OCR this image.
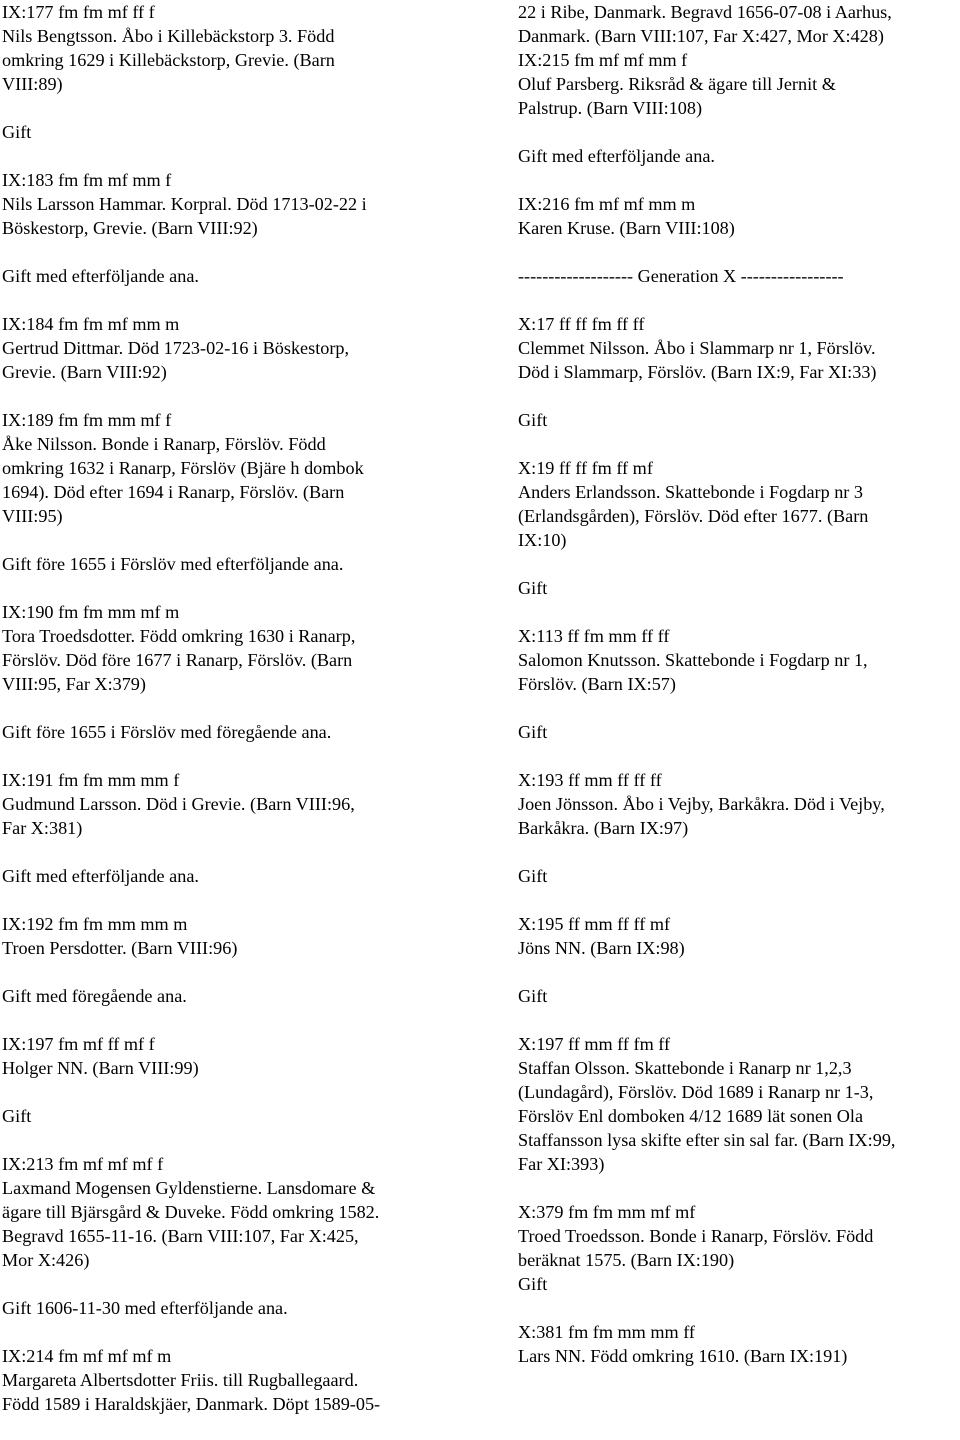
IX:177 fm fm mf ff f
Nils Bengtsson. Åbo i Killebäckstorp 3. Född
omkring 1629 i Killebäckstorp, Grevie. (Barn
VIII:89)
Gift
IX:183 fm fm mf mm f
Nils Larsson Hammar. Korpral. Död 1713-02-22 i
Böskestorp, Grevie. (Barn VIII:92)
Gift med efterföljande ana.
IX:184 fm fm mf mm m
Gertrud Dittmar. Död 1723-02-16 i Böskestorp,
Grevie. (Barn VIII:92)
IX:189 fm fm mm mf f
Åke Nilsson. Bonde i Ranarp, Förslöv. Född
omkring 1632 i Ranarp, Förslöv (Bjäre h dombok
1694). Död efter 1694 i Ranarp, Förslöv. (Barn
VIII:95)
Gift före 1655 i Förslöv med efterföljande ana.
IX:190 fm fm mm mf m
Tora Troedsdotter. Född omkring 1630 i Ranarp,
Förslöv. Död före 1677 i Ranarp, Förslöv. (Barn
VIII:95, Far X:379)
Gift före 1655 i Förslöv med föregående ana.
IX:191 fm fm mm mm f
Gudmund Larsson. Död i Grevie. (Barn VIII:96,
Far X:381)
Gift med efterföljande ana.
IX:192 fm fm mm mm m
Troen Persdotter. (Barn VIII:96)
Gift med föregående ana.
IX:197 fm mf ff mf f
Holger NN. (Barn VIII:99)
Gift
IX:213 fm mf mf mf f
Laxmand Mogensen Gyldenstierne. Lansdomare &
ägare till Bjärsgård & Duveke. Född omkring 1582.
Begravd 1655-11-16. (Barn VIII:107, Far X:425,
Mor X:426)
Gift 1606-11-30 med efterföljande ana.
IX:214 fm mf mf mf m
Margareta Albertsdotter Friis. till Rugballegaard.
Född 1589 i Haraldskjäer, Danmark. Döpt 1589-05-
22 i Ribe, Danmark. Begravd 1656-07-08 i Aarhus,
Danmark. (Barn VIII:107, Far X:427, Mor X:428)
IX:215 fm mf mf mm f
Oluf Parsberg. Riksråd & ägare till Jernit &
Palstrup. (Barn VIII:108)
Gift med efterföljande ana.
IX:216 fm mf mf mm m
Karen Kruse. (Barn VIII:108)
------------------- Generation X -----------------
X:17 ff ff fm ff ff
Clemmet Nilsson. Åbo i Slammarp nr 1, Förslöv.
Död i Slammarp, Förslöv. (Barn IX:9, Far XI:33)
Gift
X:19 ff ff fm ff mf
Anders Erlandsson. Skattebonde i Fogdarp nr 3
(Erlandsgården), Förslöv. Död efter 1677. (Barn
IX:10)
Gift
X:113 ff fm mm ff ff
Salomon Knutsson. Skattebonde i Fogdarp nr 1,
Förslöv. (Barn IX:57)
Gift
X:193 ff mm ff ff ff
Joen Jönsson. Åbo i Vejby, Barkåkra. Död i Vejby,
Barkåkra. (Barn IX:97)
Gift
X:195 ff mm ff ff mf
Jöns NN. (Barn IX:98)
Gift
X:197 ff mm ff fm ff
Staffan Olsson. Skattebonde i Ranarp nr 1,2,3
(Lundagård), Förslöv. Död 1689 i Ranarp nr 1-3,
Förslöv Enl domboken 4/12 1689 lät sonen Ola
Staffansson lysa skifte efter sin sal far. (Barn IX:99,
Far XI:393)
X:379 fm fm mm mf mf
Troed Troedsson. Bonde i Ranarp, Förslöv. Född
beräknat 1575. (Barn IX:190)
Gift
X:381 fm fm mm mm ff
Lars NN. Född omkring 1610. (Barn IX:191)
